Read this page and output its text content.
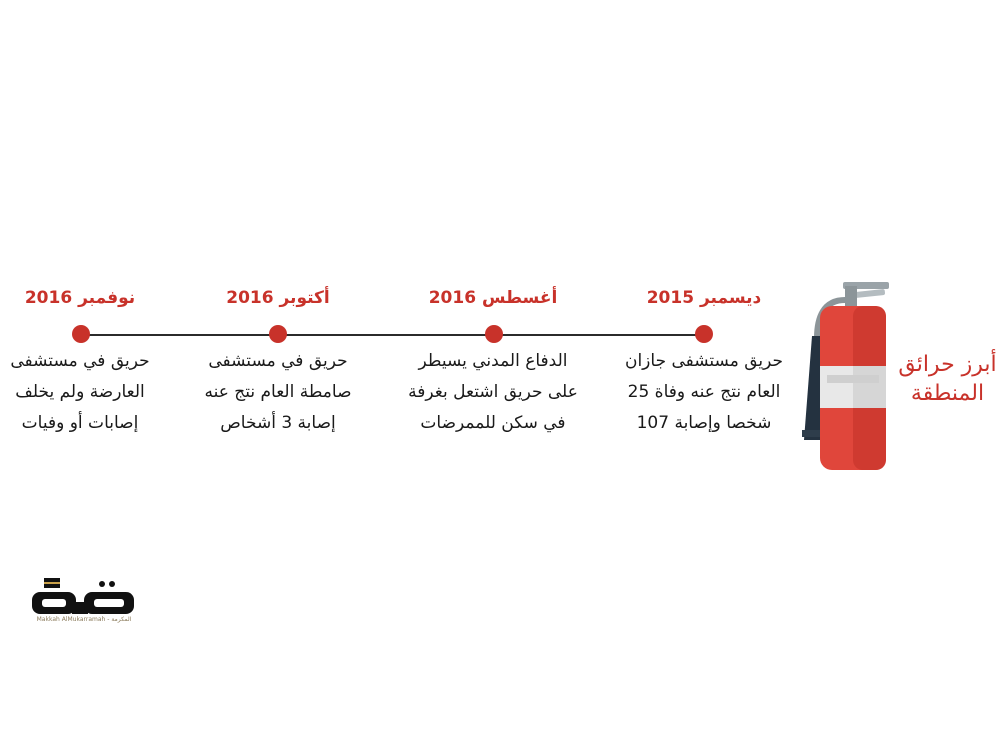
أبرز حرائق
المنطقة
ديسمبر 2015
حريق مستشفى جازان
العام نتج عنه وفاة 25
شخصا وإصابة 107
أغسطس 2016
الدفاع المدني يسيطر
على حريق اشتعل بغرفة
في سكن للممرضات
أكتوبر 2016
حريق في مستشفى
صامطة العام نتج عنه
إصابة 3 أشخاص
نوفمبر 2016
حريق في مستشفى
العارضة ولم يخلف
إصابات أو وفيات
Makkah AlMukarramah - المكرمة
